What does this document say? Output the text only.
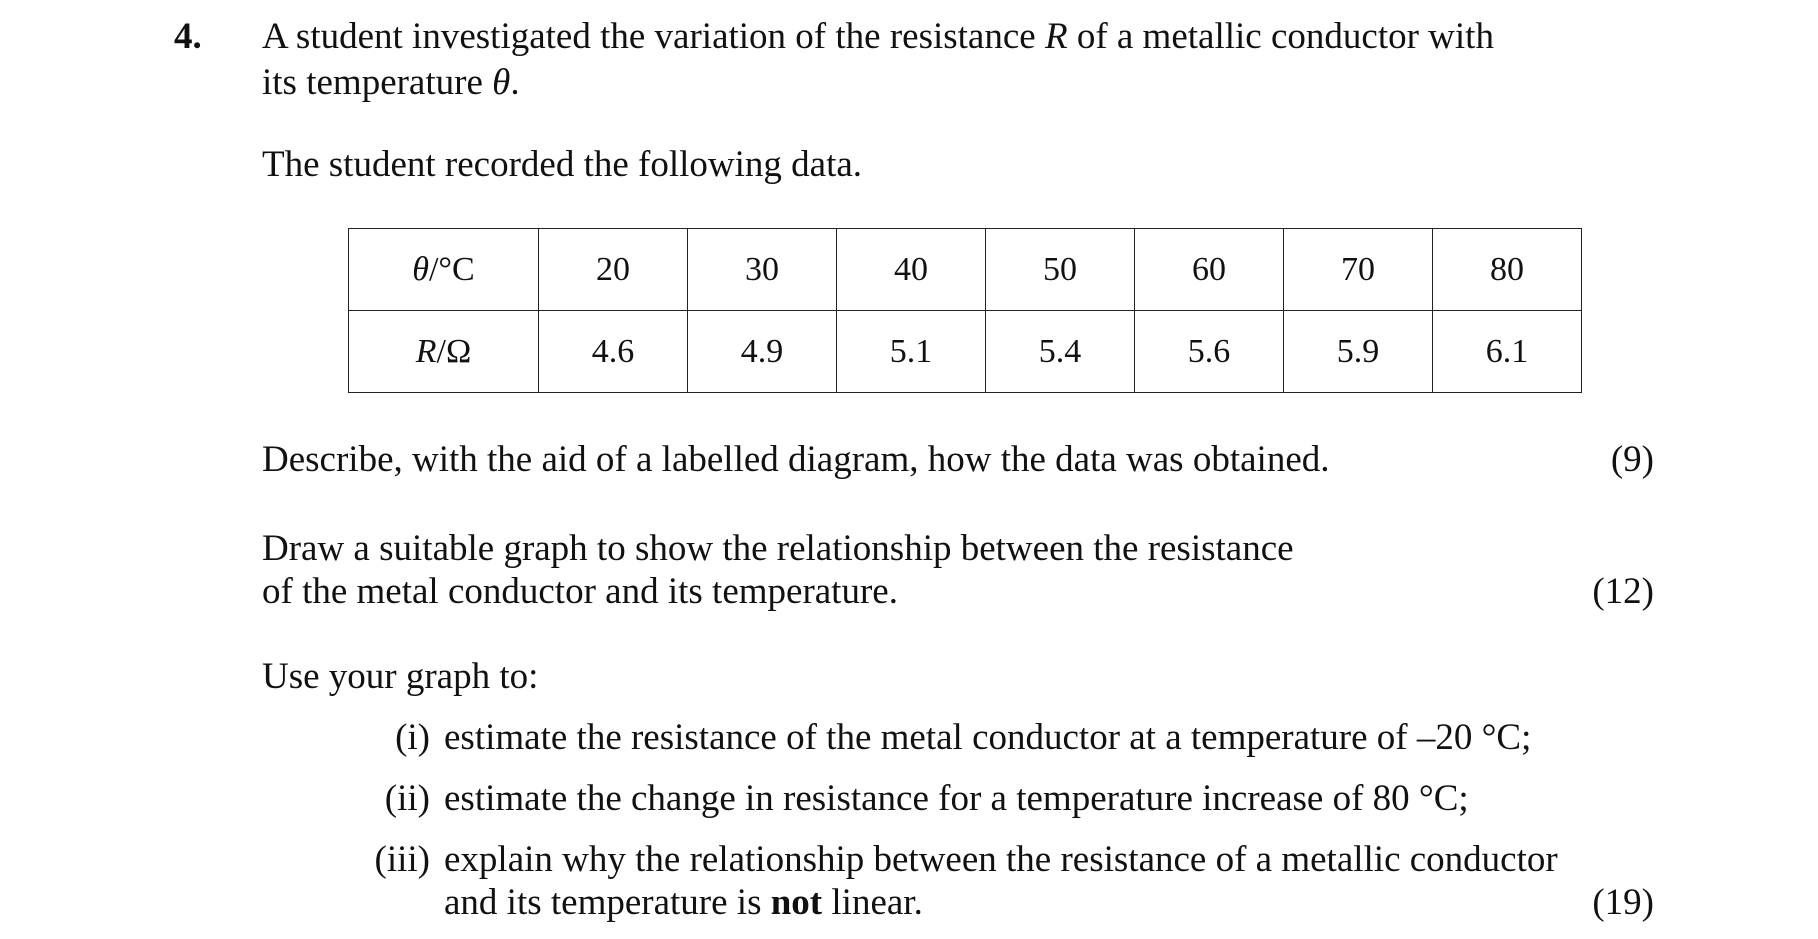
4. A student investigated the variation of the resistance R of a metallic conductor with
its temperature θ.
The student recorded the following data.
θ/°C	20	30	40	50	60	70	80
R/Ω	4.6	4.9	5.1	5.4	5.6	5.9	6.1
Describe, with the aid of a labelled diagram, how the data was obtained.	(9)
Draw a suitable graph to show the relationship between the resistance
of the metal conductor and its temperature.	(12)
Use your graph to:
(i) estimate the resistance of the metal conductor at a temperature of –20 °C;
(ii) estimate the change in resistance for a temperature increase of 80 °C;
(iii) explain why the relationship between the resistance of a metallic conductor
and its temperature is not linear.	(19)
